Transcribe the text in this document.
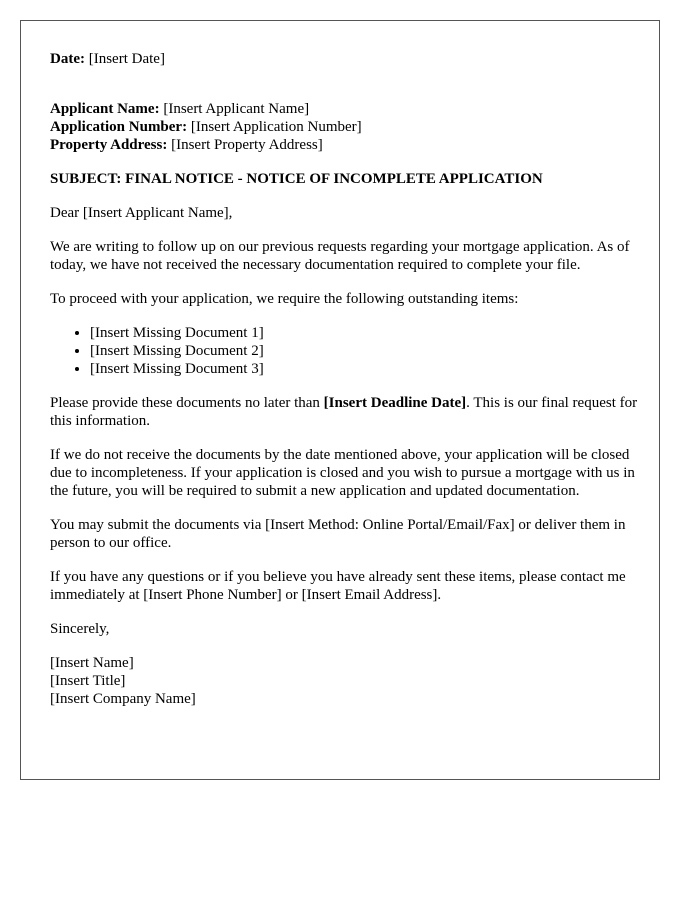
Date: [Insert Date]

Applicant Name: [Insert Applicant Name]

Application Number: [Insert Application Number]

Property Address: [Insert Property Address]

SUBJECT: FINAL NOTICE - NOTICE OF INCOMPLETE APPLICATION

Dear [Insert Applicant Name],

We are writing to follow up on our previous requests regarding your mortgage application. As of today, we have not received the necessary documentation required to complete your file.

To proceed with your application, we require the following outstanding items:

• [Insert Missing Document 1]
• [Insert Missing Document 2]
• [Insert Missing Document 3]

Please provide these documents no later than [Insert Deadline Date]. This is our final request for this information.

If we do not receive the documents by the date mentioned above, your application will be closed due to incompleteness. If your application is closed and you wish to pursue a mortgage with us in the future, you will be required to submit a new application and updated documentation.

You may submit the documents via [Insert Method: Online Portal/Email/Fax] or deliver them in person to our office.

If you have any questions or if you believe you have already sent these items, please contact me immediately at [Insert Phone Number] or [Insert Email Address].

Sincerely,

[Insert Name]

[Insert Title]

[Insert Company Name]
